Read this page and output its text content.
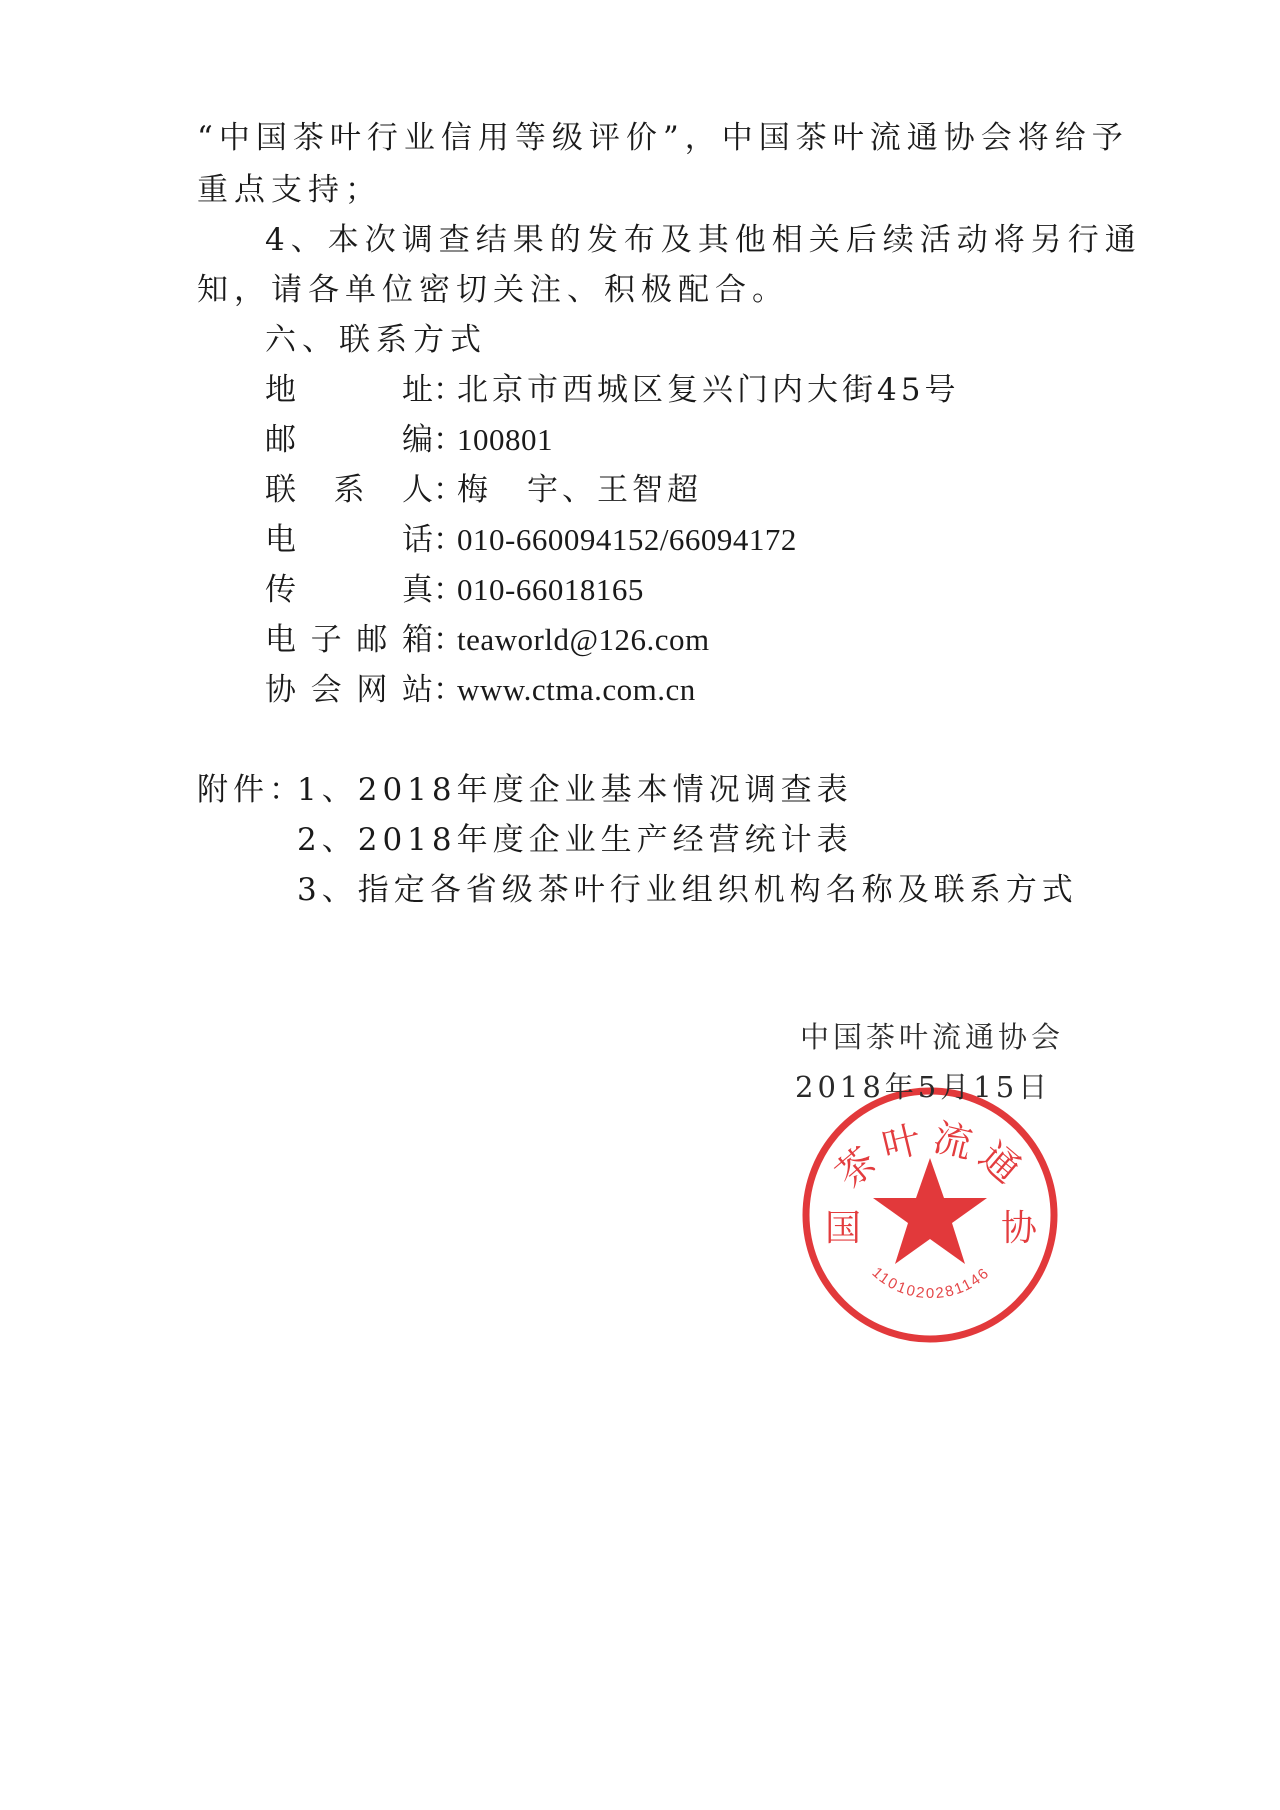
“中国茶叶行业信用等级评价”，中国茶叶流通协会将给予
重点支持；
4、本次调查结果的发布及其他相关后续活动将另行通
知，请各单位密切关注、积极配合。
六、联系方式
地址：北京市西城区复兴门内大街45号
邮编：100801
联系人：梅　宇、王智超
电话：010-660094152/66094172
传真：010-66018165
电子邮箱：teaworld@126.com
协会网站：www.ctma.com.cn
附件：
1、2018年度企业基本情况调查表
2、2018年度企业生产经营统计表
3、指定各省级茶叶行业组织机构名称及联系方式
茶叶流通
国	协
1101020281146
中国茶叶流通协会
2018年5月15日
